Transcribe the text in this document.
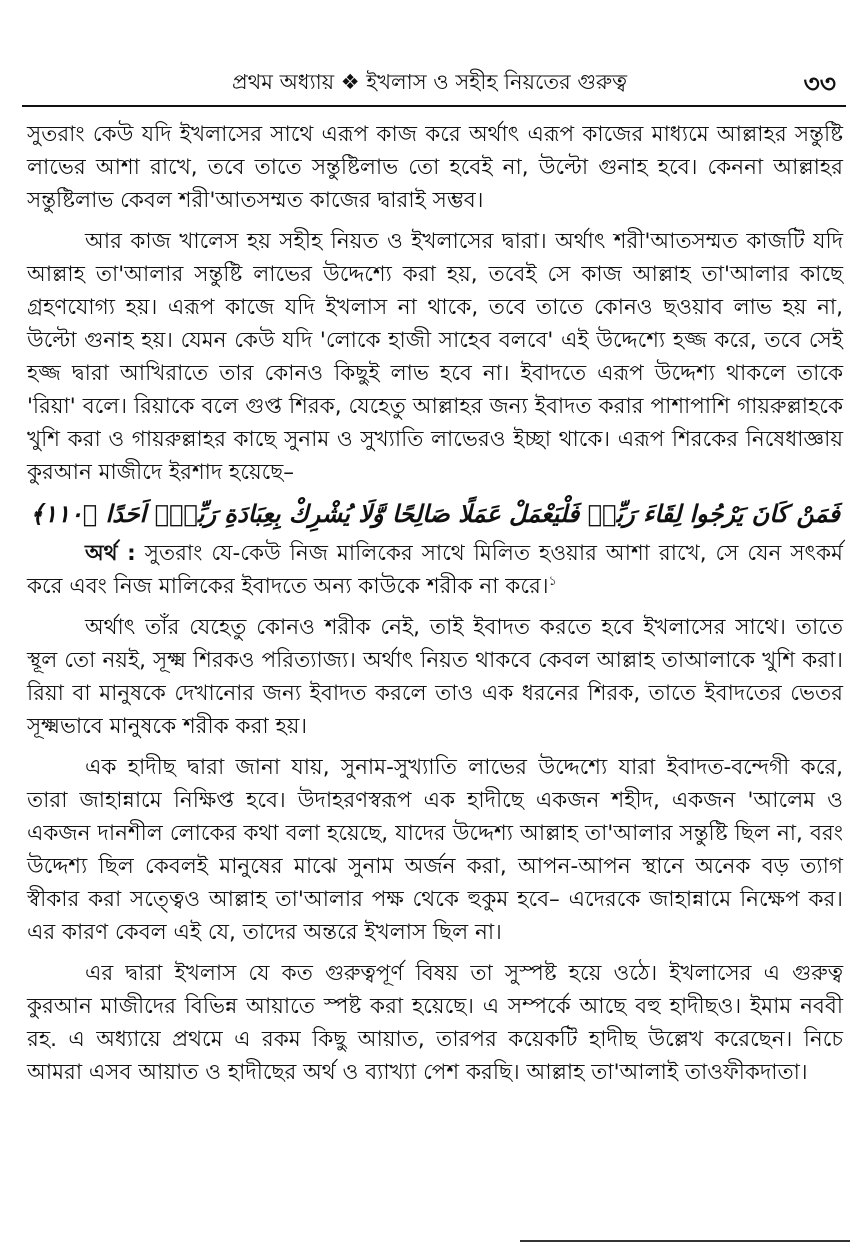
প্রথম অধ্যায় ❖ ইখলাস ও সহীহ নিয়তের গুরুত্ব	৩৩

সুতরাং কেউ যদি ইখলাসের সাথে এরূপ কাজ করে অর্থাৎ এরূপ কাজের মাধ্যমে আল্লাহর সন্তুষ্টি লাভের আশা রাখে, তবে তাতে সন্তুষ্টিলাভ তো হবেই না, উল্টো গুনাহ হবে। কেননা আল্লাহর সন্তুষ্টিলাভ কেবল শরী'আতসম্মত কাজের দ্বারাই সম্ভব।

আর কাজ খালেস হয় সহীহ নিয়ত ও ইখলাসের দ্বারা। অর্থাৎ শরী'আতসম্মত কাজটি যদি আল্লাহ তা'আলার সন্তুষ্টি লাভের উদ্দেশ্যে করা হয়, তবেই সে কাজ আল্লাহ তা'আলার কাছে গ্রহণযোগ্য হয়। এরূপ কাজে যদি ইখলাস না থাকে, তবে তাতে কোনও ছওয়াব লাভ হয় না, উল্টো গুনাহ হয়। যেমন কেউ যদি 'লোকে হাজী সাহেব বলবে' এই উদ্দেশ্যে হজ্জ করে, তবে সেই হজ্জ দ্বারা আখিরাতে তার কোনও কিছুই লাভ হবে না। ইবাদতে এরূপ উদ্দেশ্য থাকলে তাকে 'রিয়া' বলে। রিয়াকে বলে গুপ্ত শিরক, যেহেতু আল্লাহর জন্য ইবাদত করার পাশাপাশি গায়রুল্লাহকে খুশি করা ও গায়রুল্লাহর কাছে সুনাম ও সুখ্যাতি লাভেরও ইচ্ছা থাকে। এরূপ শিরকের নিষেধাজ্ঞায় কুরআন মাজীদে ইরশাদ হয়েছে–

فَمَنْ كَانَ يَرْجُوا لِقَاءَ رَبِّهٖ فَلْيَعْمَلْ عَمَلًا صَالِحًا وَّلَا يُشْرِكْ بِعِبَادَةِ رَبِّهٖۤ اَحَدًا ﴿۱۱۰﴾

অর্থ : সুতরাং যে-কেউ নিজ মালিকের সাথে মিলিত হওয়ার আশা রাখে, সে যেন সৎকর্ম করে এবং নিজ মালিকের ইবাদতে অন্য কাউকে শরীক না করে।$^১$

অর্থাৎ তাঁর যেহেতু কোনও শরীক নেই, তাই ইবাদত করতে হবে ইখলাসের সাথে। তাতে স্থূল তো নয়ই, সূক্ষ্ম শিরকও পরিত্যাজ্য। অর্থাৎ নিয়ত থাকবে কেবল আল্লাহ তাআলাকে খুশি করা। রিয়া বা মানুষকে দেখানোর জন্য ইবাদত করলে তাও এক ধরনের শিরক, তাতে ইবাদতের ভেতর সূক্ষ্মভাবে মানুষকে শরীক করা হয়।

এক হাদীছ দ্বারা জানা যায়, সুনাম-সুখ্যাতি লাভের উদ্দেশ্যে যারা ইবাদত-বন্দেগী করে, তারা জাহান্নামে নিক্ষিপ্ত হবে। উদাহরণস্বরূপ এক হাদীছে একজন শহীদ, একজন 'আলেম ও একজন দানশীল লোকের কথা বলা হয়েছে, যাদের উদ্দেশ্য আল্লাহ তা'আলার সন্তুষ্টি ছিল না, বরং উদ্দেশ্য ছিল কেবলই মানুষের মাঝে সুনাম অর্জন করা, আপন-আপন স্থানে অনেক বড় ত্যাগ স্বীকার করা সত্ত্বেও আল্লাহ তা'আলার পক্ষ থেকে হুকুম হবে– এদেরকে জাহান্নামে নিক্ষেপ কর। এর কারণ কেবল এই যে, তাদের অন্তরে ইখলাস ছিল না।

এর দ্বারা ইখলাস যে কত গুরুত্বপূর্ণ বিষয় তা সুস্পষ্ট হয়ে ওঠে। ইখলাসের এ গুরুত্ব কুরআন মাজীদের বিভিন্ন আয়াতে স্পষ্ট করা হয়েছে। এ সম্পর্কে আছে বহু হাদীছও। ইমাম নববী রহ. এ অধ্যায়ে প্রথমে এ রকম কিছু আয়াত, তারপর কয়েকটি হাদীছ উল্লেখ করেছেন। নিচে আমরা এসব আয়াত ও হাদীছের অর্থ ও ব্যাখ্যা পেশ করছি। আল্লাহ তা'আলাই তাওফীকদাতা।
